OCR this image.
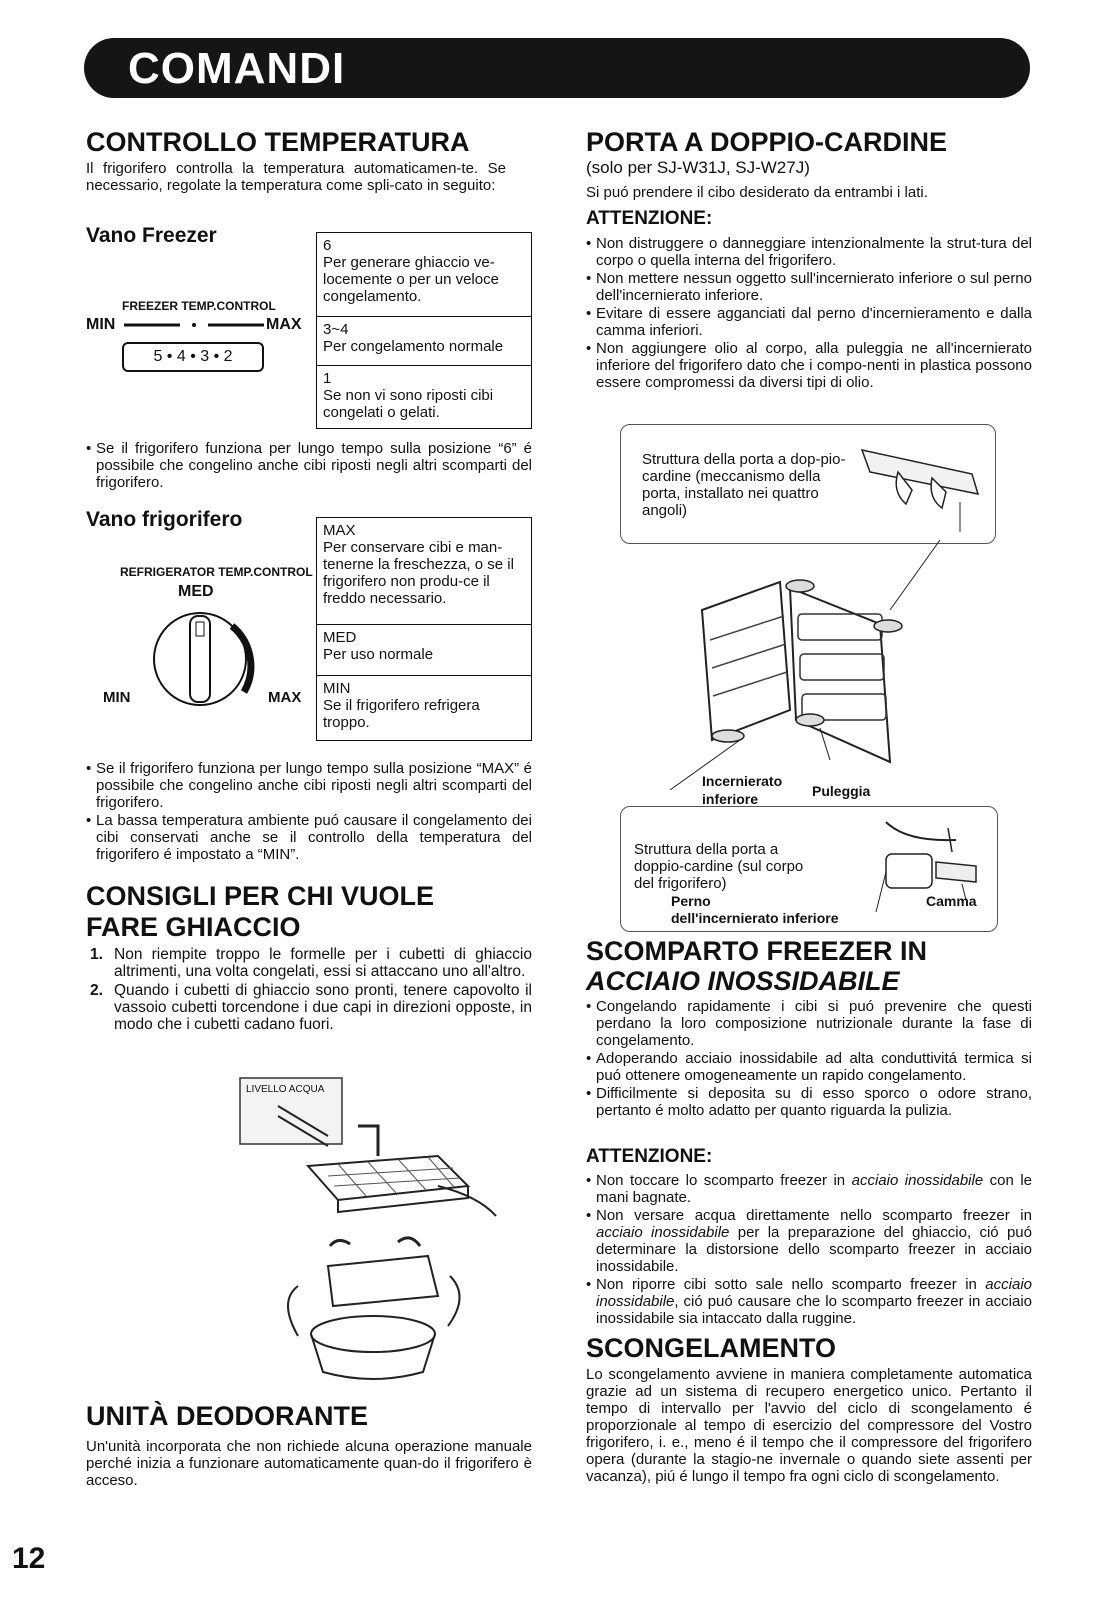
COMANDI
CONTROLLO TEMPERATURA

Il frigorifero controlla la temperatura automaticamen-te. Se necessario, regolate la temperatura come spli-cato in seguito:

Vano Freezer
FREEZER TEMP.CONTROL
MIN	MAX
5 • 4 • 3 • 2
6
Per generare ghiaccio ve-locemente o per un veloce congelamento.
3~4
Per congelamento normale
1
Se non vi sono riposti cibi congelati o gelati.
• Se il frigorifero funziona per lungo tempo sulla posizione “6” é possibile che congelino anche cibi riposti negli altri scomparti del frigorifero.
Vano frigorifero
REFRIGERATOR TEMP.CONTROL
MED
MIN	MAX
MAX
Per conservare cibi e man-tenerne la freschezza, o se il frigorifero non produ-ce il freddo necessario.
MED
Per uso normale
MIN
Se il frigorifero refrigera troppo.
• Se il frigorifero funziona per lungo tempo sulla posizione “MAX” é possibile che congelino anche cibi riposti negli altri scomparti del frigorifero.
• La bassa temperatura ambiente puó causare il congelamento dei cibi conservati anche se il controllo della temperatura del frigorifero é impostato a “MIN”.
CONSIGLI PER CHI VUOLE
FARE GHIACCIO
1. Non riempite troppo le formelle per i cubetti di ghiaccio altrimenti, una volta congelati, essi si attaccano uno all'altro.
2. Quando i cubetti di ghiaccio sono pronti, tenere capovolto il vassoio cubetti torcendone i due capi in direzioni opposte, in modo che i cubetti cadano fuori.
LIVELLO ACQUA
UNITÀ DEODORANTE

Un'unità incorporata che non richiede alcuna operazione manuale perché inizia a funzionare automaticamente quan-do il frigorifero è acceso.

12
PORTA A DOPPIO-CARDINE

(solo per SJ-W31J, SJ-W27J)

Si puó prendere il cibo desiderato da entrambi i lati.

ATTENZIONE:
• Non distruggere o danneggiare intenzionalmente la strut-tura del corpo o quella interna del frigorifero.
• Non mettere nessun oggetto sull'incernierato inferiore o sul perno dell'incernierato inferiore.
• Evitare di essere agganciati dal perno d'incernieramento e dalla camma inferiori.
• Non aggiungere olio al corpo, alla puleggia ne all'incernierato inferiore del frigorifero dato che i compo-nenti in plastica possono essere compromessi da diversi tipi di olio.

Struttura della porta a dop-pio-cardine (meccanismo della porta, installato nei quattro angoli)

Incernierato
inferiore	Puleggia

Struttura della porta a doppio-cardine (sul corpo del frigorifero)

Perno
dell'incernierato inferiore
Camma
SCOMPARTO FREEZER IN
ACCIAIO INOSSIDABILE
• Congelando rapidamente i cibi si puó prevenire che questi perdano la loro composizione nutrizionale durante la fase di congelamento.
• Adoperando acciaio inossidabile ad alta conduttivitá termica si puó ottenere omogeneamente un rapido congelamento.
• Difficilmente si deposita su di esso sporco o odore strano, pertanto é molto adatto per quanto riguarda la pulizia.
ATTENZIONE:
• Non toccare lo scomparto freezer in acciaio inossidabile con le mani bagnate.
• Non versare acqua direttamente nello scomparto freezer in acciaio inossidabile per la preparazione del ghiaccio, ció puó determinare la distorsione dello scomparto freezer in acciaio inossidabile.
• Non riporre cibi sotto sale nello scomparto freezer in acciaio inossidabile, ció puó causare che lo scomparto freezer in acciaio inossidabile sia intaccato dalla ruggine.
SCONGELAMENTO

Lo scongelamento avviene in maniera completamente automatica grazie ad un sistema di recupero energetico unico. Pertanto il tempo di intervallo per l'avvio del ciclo di scongelamento é proporzionale al tempo di esercizio del compressore del Vostro frigorifero, i. e., meno é il tempo che il compressore del frigorifero opera (durante la stagio-ne invernale o quando siete assenti per vacanza), piú é lungo il tempo fra ogni ciclo di scongelamento.
